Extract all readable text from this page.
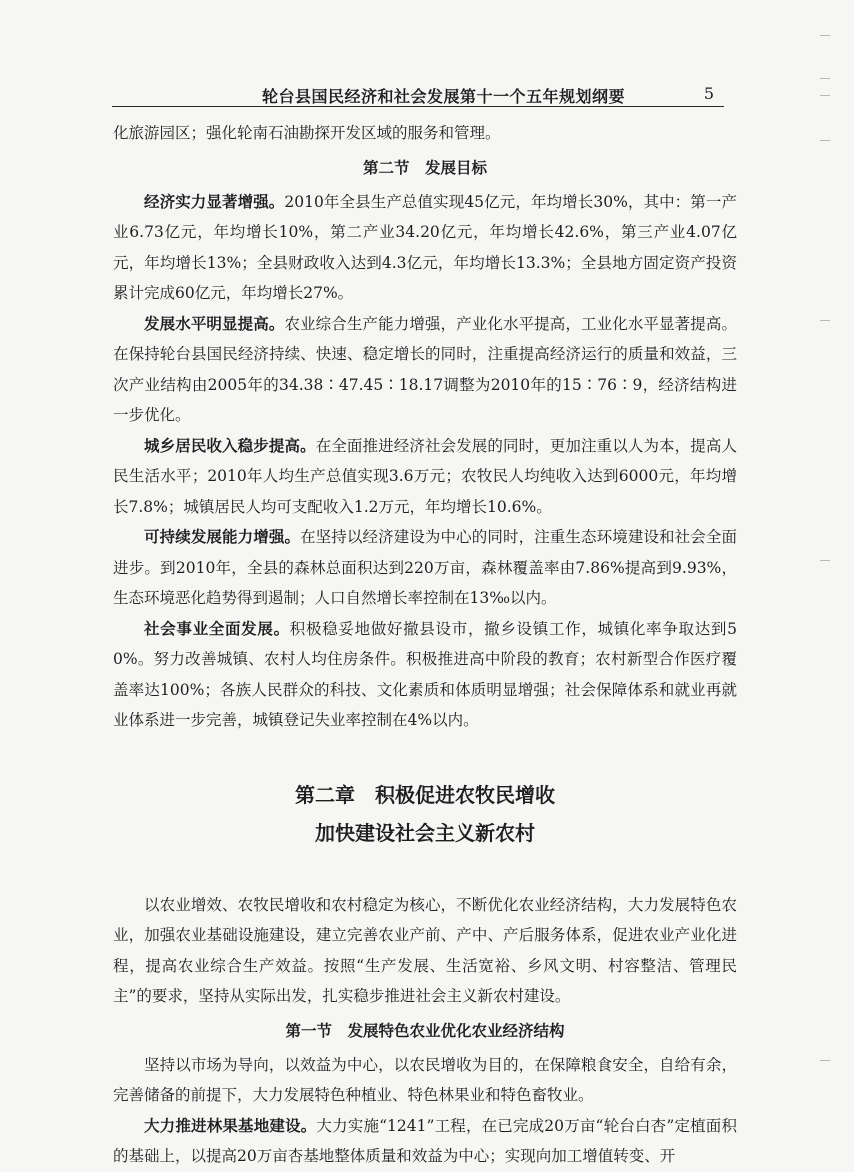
轮台县国民经济和社会发展第十一个五年规划纲要	5

化旅游园区；强化轮南石油勘探开发区域的服务和管理。

第二节　发展目标

经济实力显著增强。2010年全县生产总值实现45亿元，年均增长30%，其中：第一产业6.73亿元，年均增长10%，第二产业34.20亿元，年均增长42.6%，第三产业4.07亿元，年均增长13%；全县财政收入达到4.3亿元，年均增长13.3%；全县地方固定资产投资累计完成60亿元，年均增长27%。

发展水平明显提高。农业综合生产能力增强，产业化水平提高，工业化水平显著提高。在保持轮台县国民经济持续、快速、稳定增长的同时，注重提高经济运行的质量和效益，三次产业结构由2005年的34.38∶47.45∶18.17调整为2010年的15∶76∶9，经济结构进一步优化。

城乡居民收入稳步提高。在全面推进经济社会发展的同时，更加注重以人为本，提高人民生活水平；2010年人均生产总值实现3.6万元；农牧民人均纯收入达到6000元，年均增长7.8%；城镇居民人均可支配收入1.2万元，年均增长10.6%。

可持续发展能力增强。在坚持以经济建设为中心的同时，注重生态环境建设和社会全面进步。到2010年，全县的森林总面积达到220万亩，森林覆盖率由7.86%提高到9.93%，生态环境恶化趋势得到遏制；人口自然增长率控制在13‰以内。

社会事业全面发展。积极稳妥地做好撤县设市，撤乡设镇工作，城镇化率争取达到50%。努力改善城镇、农村人均住房条件。积极推进高中阶段的教育；农村新型合作医疗覆盖率达100%；各族人民群众的科技、文化素质和体质明显增强；社会保障体系和就业再就业体系进一步完善，城镇登记失业率控制在4%以内。

第二章　积极促进农牧民增收
加快建设社会主义新农村

以农业增效、农牧民增收和农村稳定为核心，不断优化农业经济结构，大力发展特色农业，加强农业基础设施建设，建立完善农业产前、产中、产后服务体系，促进农业产业化进程，提高农业综合生产效益。按照“生产发展、生活宽裕、乡风文明、村容整洁、管理民主”的要求，坚持从实际出发，扎实稳步推进社会主义新农村建设。

第一节　发展特色农业优化农业经济结构

坚持以市场为导向，以效益为中心，以农民增收为目的，在保障粮食安全，自给有余，完善储备的前提下，大力发展特色种植业、特色林果业和特色畜牧业。

大力推进林果基地建设。大力实施“1241”工程，在已完成20万亩“轮台白杏”定植面积的基础上，以提高20万亩杏基地整体质量和效益为中心；实现向加工增值转变、开
